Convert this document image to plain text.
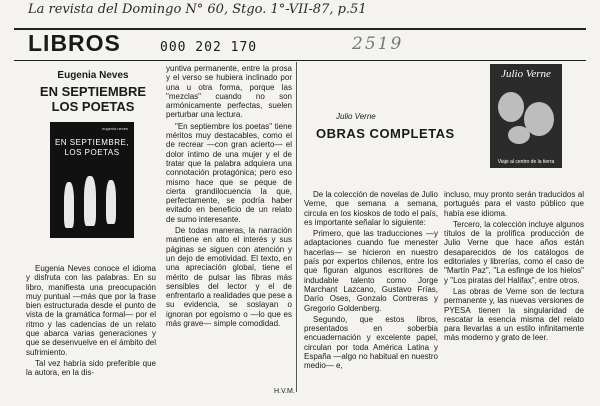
La revista del Domingo N° 60, Stgo. 1°-VII-87, p.51
LIBROS	000 202 170	2519
Eugenia Neves
EN SEPTIEMBRE LOS POETAS
eugenia neves
EN SEPTIEMBRE, LOS POETAS

Eugenia Neves conoce el idioma y disfruta con las palabras. En su libro, manifiesta una preocupación muy puntual —más que por la frase bien estructurada desde el punto de vista de la gramática formal— por el ritmo y las cadencias de un relato que abarca varias generaciones y que se desenvuelve en el ámbito del sufrimiento.

Tal vez habría sido preferible que la autora, en la dis-

yuntiva permanente, entre la prosa y el verso se hubiera inclinado por una u otra forma, porque las "mezclas" cuando no son armónicamente perfectas, suelen perturbar una lectura.

"En septiembre los poetas" tiene méritos muy destacables, como el de recrear —con gran acierto— el dolor íntimo de una mujer y el de tratar que la palabra adquiera una connotación protagónica; pero eso mismo hace que se peque de cierta grandilocuencia la que, perfectamente, se podría haber evitado en beneficio de un relato de sumo interesante.

De todas maneras, la narración mantiene en alto el interés y sus páginas se siguen con atención y un dejo de emotividad. El texto, en una apreciación global, tiene el mérito de pulsar las fibras más sensibles del lector y el de enfrentarlo a realidades que pese a su evidencia, se soslayan o ignoran por egoísmo o —lo que es más grave— simple comodidad.

Julio Verne
OBRAS COMPLETAS
Julio Verne
Viaje al centro de la tierra

De la colección de novelas de Julio Verne, que semana a semana, circula en los kioskos de todo el país, es importante señalar lo siguiente:

Primero, que las traducciones —y adaptaciones cuando fue menester hacerlas— se hicieron en nuestro país por expertos chilenos, entre los que figuran algunos escritores de indudable talento como Jorge Marchant Lazcano, Gustavo Frías, Darío Oses, Gonzalo Contreras y Gregorio Goldenberg.

Segundo, que estos libros, presentados en soberbia encuadernación y excelente papel, circulan por toda América Latina y España —algo no habitual en nuestro medio— e,

incluso, muy pronto serán traducidos al portugués para el vasto público que había ese idioma.

Tercero, la colección incluye algunos títulos de la prolífica producción de Julio Verne que hace años están desaparecidos de los catálogos de editoriales y librerías, como el caso de "Martín Paz", "La esfinge de los hielos" y "Los piratas del Halifax", entre otros.

Las obras de Verne son de lectura permanente y, las nuevas versiones de PYESA tienen la singularidad de rescatar la esencia misma del relato para llevarlas a un estilo infinitamente más moderno y grato de leer.

H.V.M.
